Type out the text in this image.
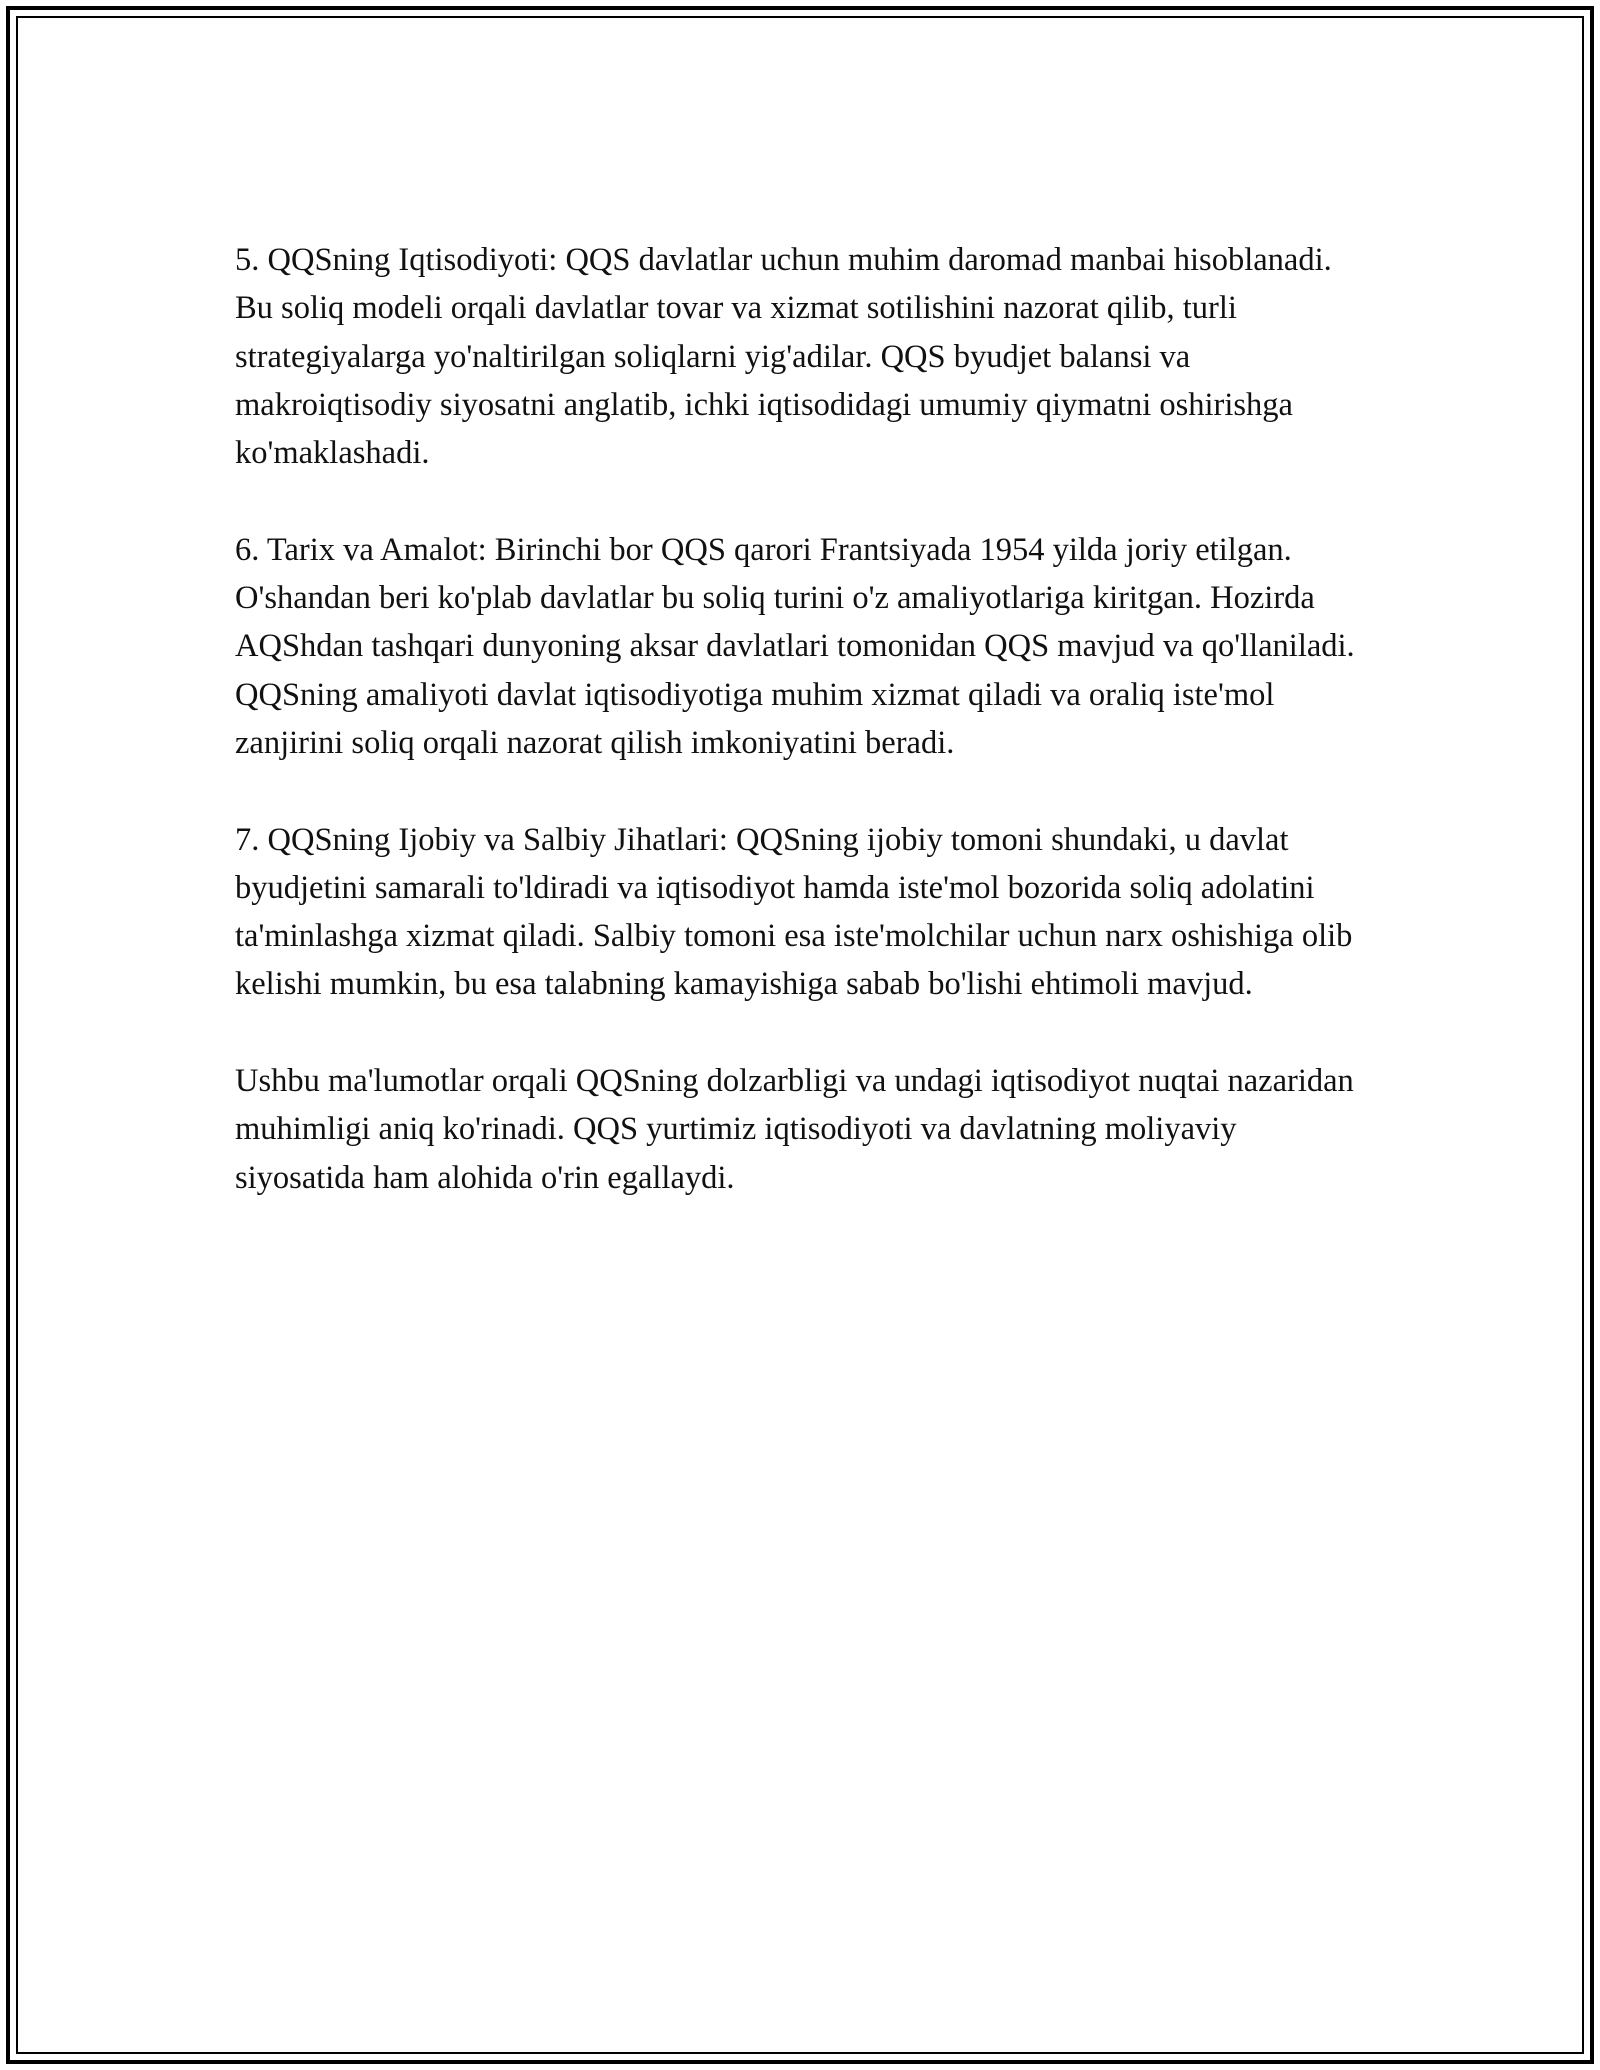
5. QQSning Iqtisodiyoti: QQS davlatlar uchun muhim daromad manbai hisoblanadi. Bu soliq modeli orqali davlatlar tovar va xizmat sotilishini nazorat qilib, turli strategiyalarga yo'naltirilgan soliqlarni yig'adilar. QQS byudjet balansi va makroiqtisodiy siyosatni anglatib, ichki iqtisodidagi umumiy qiymatni oshirishga ko'maklashadi.

6. Tarix va Amalot: Birinchi bor QQS qarori Frantsiyada 1954 yilda joriy etilgan. O'shandan beri ko'plab davlatlar bu soliq turini o'z amaliyotlariga kiritgan. Hozirda AQShdan tashqari dunyoning aksar davlatlari tomonidan QQS mavjud va qo'llaniladi. QQSning amaliyoti davlat iqtisodiyotiga muhim xizmat qiladi va oraliq iste'mol zanjirini soliq orqali nazorat qilish imkoniyatini beradi.

7. QQSning Ijobiy va Salbiy Jihatlari: QQSning ijobiy tomoni shundaki, u davlat byudjetini samarali to'ldiradi va iqtisodiyot hamda iste'mol bozorida soliq adolatini ta'minlashga xizmat qiladi. Salbiy tomoni esa iste'molchilar uchun narx oshishiga olib kelishi mumkin, bu esa talabning kamayishiga sabab bo'lishi ehtimoli mavjud.

Ushbu ma'lumotlar orqali QQSning dolzarbligi va undagi iqtisodiyot nuqtai nazaridan muhimligi aniq ko'rinadi. QQS yurtimiz iqtisodiyoti va davlatning moliyaviy siyosatida ham alohida o'rin egallaydi.
